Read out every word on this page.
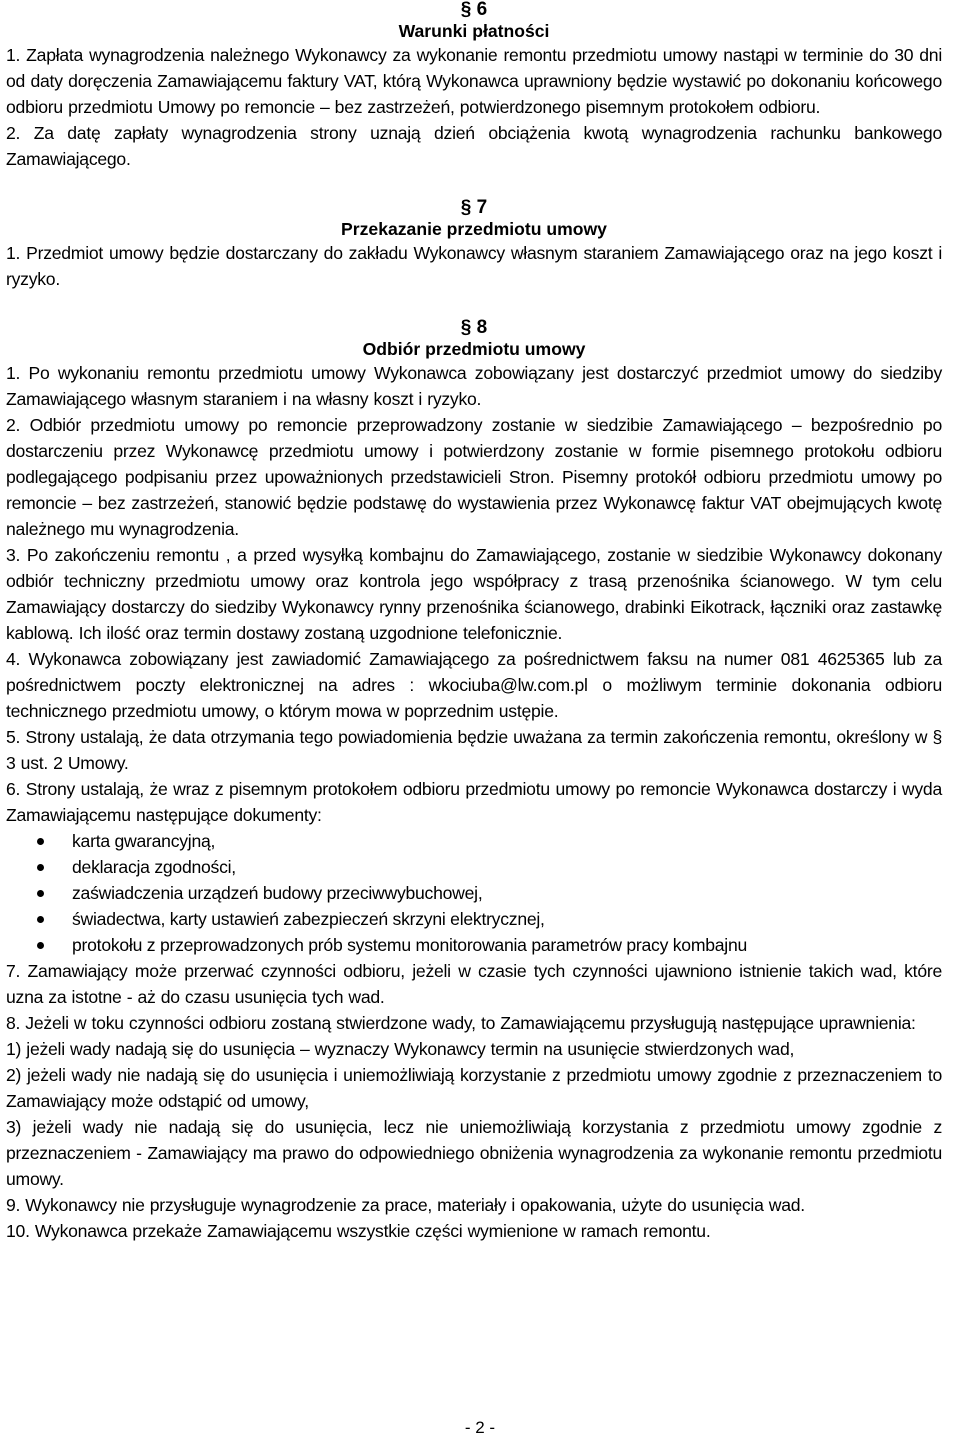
§ 6
Warunki płatności
1. Zapłata wynagrodzenia należnego Wykonawcy za wykonanie remontu przedmiotu umowy nastąpi w terminie do 30 dni od daty doręczenia Zamawiającemu faktury VAT, którą Wykonawca uprawniony będzie wystawić po dokonaniu końcowego odbioru przedmiotu Umowy po remoncie – bez zastrzeżeń, potwierdzonego pisemnym protokołem odbioru.
2. Za datę zapłaty wynagrodzenia strony uznają dzień obciążenia kwotą wynagrodzenia rachunku bankowego Zamawiającego.
§ 7
Przekazanie przedmiotu umowy
1. Przedmiot umowy będzie dostarczany do zakładu Wykonawcy własnym staraniem Zamawiającego oraz na jego koszt i ryzyko.
§ 8
Odbiór przedmiotu umowy
1. Po wykonaniu remontu przedmiotu umowy Wykonawca zobowiązany jest dostarczyć przedmiot umowy do siedziby Zamawiającego własnym staraniem i na własny koszt i ryzyko.
2. Odbiór przedmiotu umowy po remoncie przeprowadzony zostanie w siedzibie Zamawiającego – bezpośrednio po dostarczeniu przez Wykonawcę przedmiotu umowy i potwierdzony zostanie w formie pisemnego protokołu odbioru podlegającego podpisaniu przez upoważnionych przedstawicieli Stron. Pisemny protokół odbioru przedmiotu umowy po remoncie – bez zastrzeżeń, stanowić będzie podstawę do wystawienia przez Wykonawcę faktur VAT obejmujących kwotę należnego mu wynagrodzenia.
3. Po zakończeniu remontu , a przed wysyłką kombajnu do Zamawiającego, zostanie w siedzibie Wykonawcy dokonany odbiór techniczny przedmiotu umowy oraz kontrola jego współpracy z trasą przenośnika ścianowego. W tym celu Zamawiający dostarczy do siedziby Wykonawcy rynny przenośnika ścianowego, drabinki Eikotrack, łączniki oraz zastawkę kablową. Ich ilość oraz termin dostawy zostaną uzgodnione telefonicznie.
4. Wykonawca zobowiązany jest zawiadomić Zamawiającego za pośrednictwem faksu na numer 081 4625365 lub za pośrednictwem poczty elektronicznej na adres : wkociuba@lw.com.pl o możliwym terminie dokonania odbioru technicznego przedmiotu umowy, o którym mowa w poprzednim ustępie.
5. Strony ustalają, że data otrzymania tego powiadomienia będzie uważana za termin zakończenia remontu, określony w § 3 ust. 2 Umowy.
6. Strony ustalają, że wraz z pisemnym protokołem odbioru przedmiotu umowy po remoncie Wykonawca dostarczy i wyda Zamawiającemu następujące dokumenty:
karta gwarancyjną,
deklaracja zgodności,
zaświadczenia urządzeń budowy przeciwwybuchowej,
świadectwa, karty ustawień zabezpieczeń skrzyni elektrycznej,
protokołu z przeprowadzonych prób systemu monitorowania parametrów pracy kombajnu
7. Zamawiający może przerwać czynności odbioru, jeżeli w czasie tych czynności ujawniono istnienie takich wad, które uzna za istotne - aż do czasu usunięcia tych wad.
8. Jeżeli w toku czynności odbioru zostaną stwierdzone wady, to Zamawiającemu przysługują następujące uprawnienia:
1) jeżeli wady nadają się do usunięcia – wyznaczy Wykonawcy termin na usunięcie stwierdzonych wad,
2) jeżeli wady nie nadają się do usunięcia i uniemożliwiają korzystanie z przedmiotu umowy zgodnie z przeznaczeniem to Zamawiający może odstąpić od umowy,
3) jeżeli wady nie nadają się do usunięcia, lecz nie uniemożliwiają korzystania z przedmiotu umowy zgodnie z przeznaczeniem - Zamawiający ma prawo do odpowiedniego obniżenia wynagrodzenia za wykonanie remontu przedmiotu umowy.
9. Wykonawcy nie przysługuje wynagrodzenie za prace, materiały i opakowania, użyte do usunięcia wad.
10. Wykonawca przekaże Zamawiającemu wszystkie części wymienione w ramach remontu.
- 2 -
